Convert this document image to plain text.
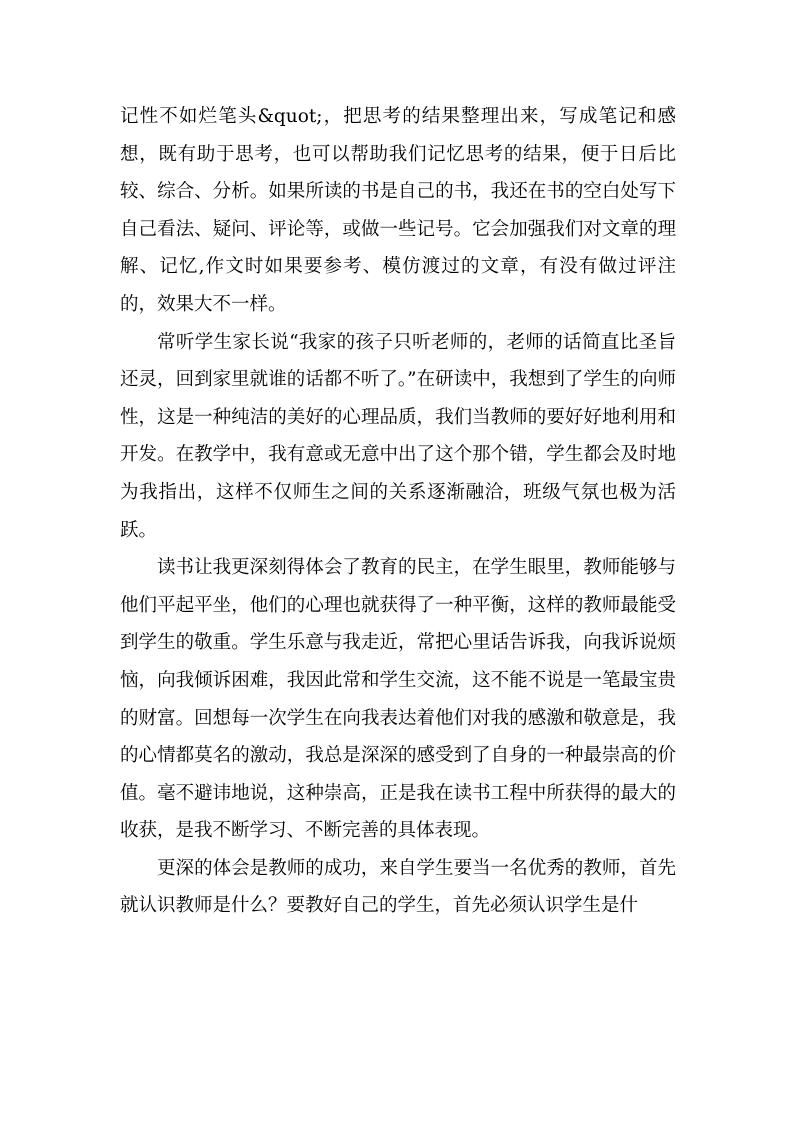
记性不如烂笔头&quot;，把思考的结果整理出来，写成笔记和感想，既有助于思考，也可以帮助我们记忆思考的结果，便于日后比较、综合、分析。如果所读的书是自己的书，我还在书的空白处写下自己看法、疑问、评论等，或做一些记号。它会加强我们对文章的理解、记忆,作文时如果要参考、模仿渡过的文章，有没有做过评注的，效果大不一样。

常听学生家长说“我家的孩子只听老师的，老师的话简直比圣旨还灵，回到家里就谁的话都不听了。”在研读中，我想到了学生的向师性，这是一种纯洁的美好的心理品质，我们当教师的要好好地利用和开发。在教学中，我有意或无意中出了这个那个错，学生都会及时地为我指出，这样不仅师生之间的关系逐渐融洽，班级气氛也极为活跃。

读书让我更深刻得体会了教育的民主，在学生眼里，教师能够与他们平起平坐，他们的心理也就获得了一种平衡，这样的教师最能受到学生的敬重。学生乐意与我走近，常把心里话告诉我，向我诉说烦恼，向我倾诉困难，我因此常和学生交流，这不能不说是一笔最宝贵的财富。回想每一次学生在向我表达着他们对我的感激和敬意是，我的心情都莫名的激动，我总是深深的感受到了自身的一种最崇高的价值。毫不避讳地说，这种崇高，正是我在读书工程中所获得的最大的收获，是我不断学习、不断完善的具体表现。

更深的体会是教师的成功，来自学生要当一名优秀的教师，首先就认识教师是什么？要教好自己的学生，首先必须认识学生是什
